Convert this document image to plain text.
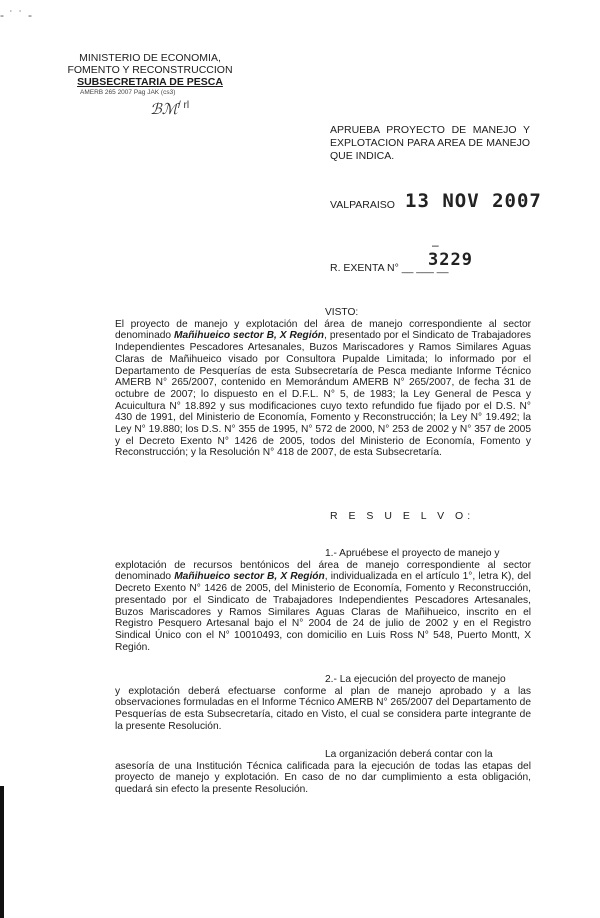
‑ ˙ ˙ ‑
MINISTERIO DE ECONOMIA,
FOMENTO Y RECONSTRUCCION
SUBSECRETARIA DE PESCA
AMERB 265 2007 Pag JAK (cs3)
ℬℳ / rl
APRUEBA PROYECTO DE MANEJO Y EXPLOTACION PARA AREA DE MANEJO QUE INDICA.
VALPARAISO 13 NOV 2007
–
R. EXENTA N° __ ___ __
3229
VISTO:
El proyecto de manejo y explotación del área de manejo correspondiente al sector denominado Mañihueico sector B, X Región, presentado por el Sindicato de Trabajadores Independientes Pescadores Artesanales, Buzos Mariscadores y Ramos Similares Aguas Claras de Mañihueico visado por Consultora Pupalde Limitada; lo informado por el Departamento de Pesquerías de esta Subsecretaría de Pesca mediante Informe Técnico AMERB N° 265/2007, contenido en Memorándum AMERB N° 265/2007, de fecha 31 de octubre de 2007; lo dispuesto en el D.F.L. N° 5, de 1983; la Ley General de Pesca y Acuicultura N° 18.892 y sus modificaciones cuyo texto refundido fue fijado por el D.S. N° 430 de 1991, del Ministerio de Economía, Fomento y Reconstrucción; la Ley N° 19.492; la Ley N° 19.880; los D.S. N° 355 de 1995, N° 572 de 2000, N° 253 de 2002 y N° 357 de 2005 y el Decreto Exento N° 1426 de 2005, todos del Ministerio de Economía, Fomento y Reconstrucción; y la Resolución N° 418 de 2007, de esta Subsecretaría.
R E S U E L V O:
1.- Apruébese el proyecto de manejo y
explotación de recursos bentónicos del área de manejo correspondiente al sector denominado Mañihueico sector B, X Región, individualizada en el artículo 1°, letra K), del Decreto Exento N° 1426 de 2005, del Ministerio de Economía, Fomento y Reconstrucción, presentado por el Sindicato de Trabajadores Independientes Pescadores Artesanales, Buzos Mariscadores y Ramos Similares Aguas Claras de Mañihueico, inscrito en el Registro Pesquero Artesanal bajo el N° 2004 de 24 de julio de 2002 y en el Registro Sindical Único con el N° 10010493, con domicilio en Luis Ross N° 548, Puerto Montt, X Región.
2.- La ejecución del proyecto de manejo
y explotación deberá efectuarse conforme al plan de manejo aprobado y a las observaciones formuladas en el Informe Técnico AMERB N° 265/2007 del Departamento de Pesquerías de esta Subsecretaría, citado en Visto, el cual se considera parte integrante de la presente Resolución.
La organización deberá contar con la
asesoría de una Institución Técnica calificada para la ejecución de todas las etapas del proyecto de manejo y explotación. En caso de no dar cumplimiento a esta obligación, quedará sin efecto la presente Resolución.
